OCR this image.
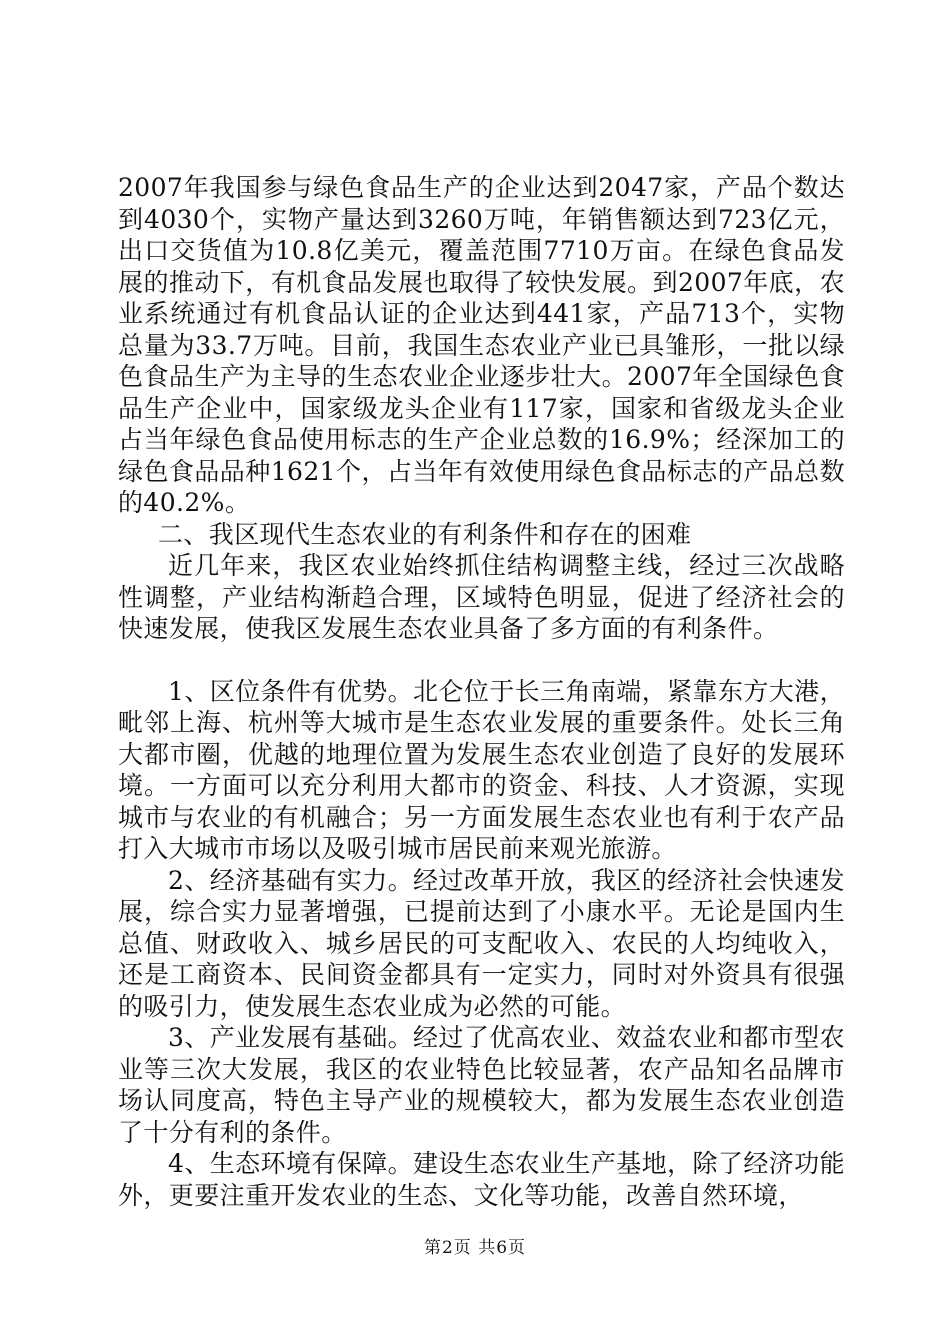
2007年我国参与绿色食品生产的企业达到2047家，产品个数达到4030个，实物产量达到3260万吨，年销售额达到723亿元，出口交货值为10.8亿美元，覆盖范围7710万亩。在绿色食品发展的推动下，有机食品发展也取得了较快发展。到2007年底，农业系统通过有机食品认证的企业达到441家，产品713个，实物总量为33.7万吨。目前，我国生态农业产业已具雏形，一批以绿色食品生产为主导的生态农业企业逐步壮大。2007年全国绿色食品生产企业中，国家级龙头企业有117家，国家和省级龙头企业占当年绿色食品使用标志的生产企业总数的16.9%；经深加工的绿色食品品种1621个，占当年有效使用绿色食品标志的产品总数的40.2%。

二、我区现代生态农业的有利条件和存在的困难

近几年来，我区农业始终抓住结构调整主线，经过三次战略性调整，产业结构渐趋合理，区域特色明显，促进了经济社会的快速发展，使我区发展生态农业具备了多方面的有利条件。

1、区位条件有优势。北仑位于长三角南端，紧靠东方大港，毗邻上海、杭州等大城市是生态农业发展的重要条件。处长三角大都市圈，优越的地理位置为发展生态农业创造了良好的发展环境。一方面可以充分利用大都市的资金、科技、人才资源，实现城市与农业的有机融合；另一方面发展生态农业也有利于农产品打入大城市市场以及吸引城市居民前来观光旅游。

2、经济基础有实力。经过改革开放，我区的经济社会快速发展，综合实力显著增强，已提前达到了小康水平。无论是国内生总值、财政收入、城乡居民的可支配收入、农民的人均纯收入，还是工商资本、民间资金都具有一定实力，同时对外资具有很强的吸引力，使发展生态农业成为必然的可能。

3、产业发展有基础。经过了优高农业、效益农业和都市型农业等三次大发展，我区的农业特色比较显著，农产品知名品牌市场认同度高，特色主导产业的规模较大，都为发展生态农业创造了十分有利的条件。

4、生态环境有保障。建设生态农业生产基地，除了经济功能外，更要注重开发农业的生态、文化等功能，改善自然环境，

第2页 共6页
